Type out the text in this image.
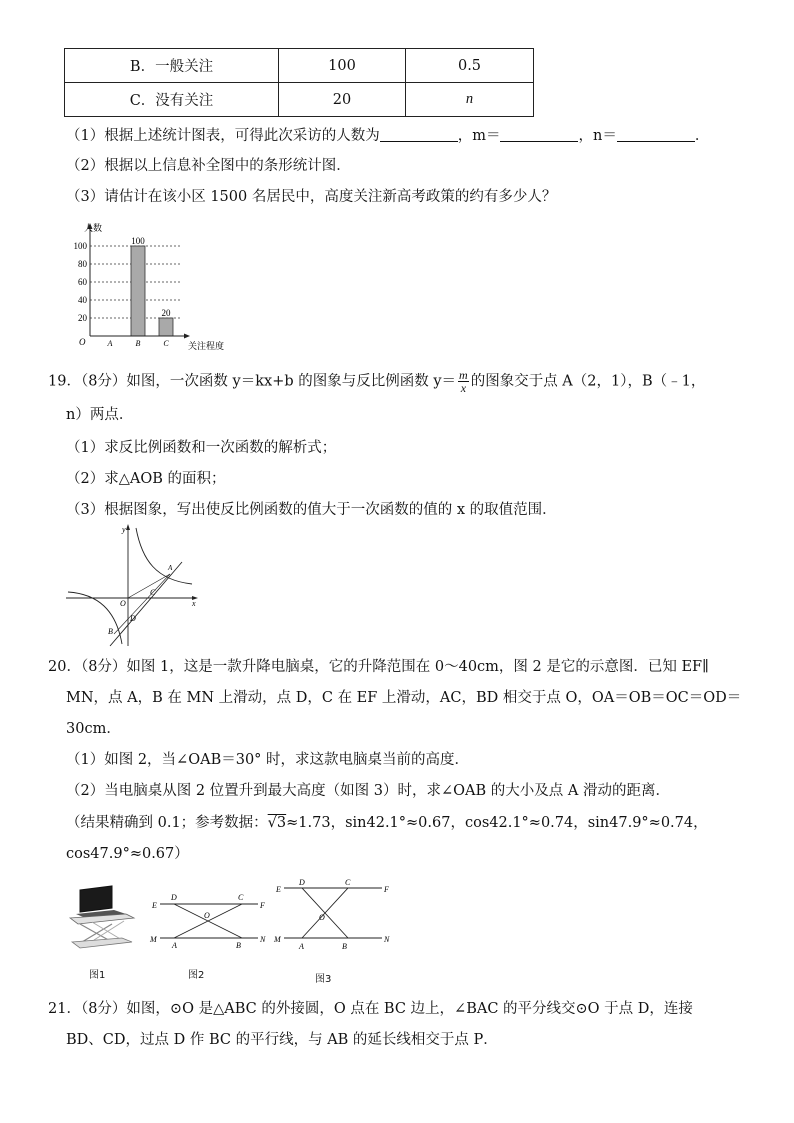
B．一般关注	100	0.5
C．没有关注	20	n
（1）根据上述统计图表，可得此次采访的人数为	，m＝	，n＝	．
（2）根据以上信息补全图中的条形统计图．
（3）请估计在该小区 1500 名居民中，高度关注新高考政策的约有多少人？
20
40
60
80
100
A	B
100
C
20
人数
关注程度
O
19．（8分）如图，一次函数 y＝kx+b 的图象与反比例函数 $y= \frac{m}{x}$ 的图象交于点 A（2，1），B（﹣1，
n）两点．
（1）求反比例函数和一次函数的解析式；
（2）求△AOB 的面积；
（3）根据图象，写出使反比例函数的值大于一次函数的值的 x 的取值范围．
y
x
O
A
B
C
D
20．（8分）如图 1，这是一款升降电脑桌，它的升降范围在 0～40cm，图 2 是它的示意图．已知 EF∥
MN，点 A，B 在 MN 上滑动，点 D，C 在 EF 上滑动，AC，BD 相交于点 O，OA＝OB＝OC＝OD＝
30cm．
（1）如图 2，当∠OAB＝30° 时，求这款电脑桌当前的高度．
（2）当电脑桌从图 2 位置升到最大高度（如图 3）时，求∠OAB 的大小及点 A 滑动的距离．
（结果精确到 0.1；参考数据：√3≈1.73，sin42.1°≈0.67，cos42.1°≈0.74，sin47.9°≈0.74，
cos47.9°≈0.67）
图1
E	F
M	N
D	C
O
A	B
图2
E	F
M	N
D	C
O
A	B
图3
21．（8分）如图，⊙O 是△ABC 的外接圆，O 点在 BC 边上，∠BAC 的平分线交⊙O 于点 D，连接
BD、CD，过点 D 作 BC 的平行线，与 AB 的延长线相交于点 P．
